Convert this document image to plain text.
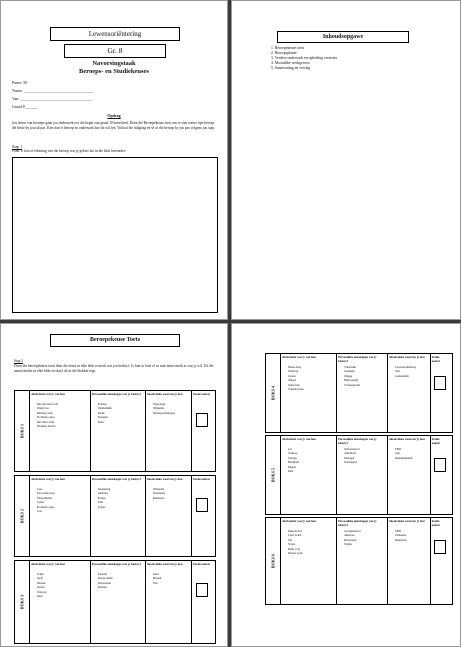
Lewensoriëntering
Gr. 8
Navorsingstaak
Beroeps- en Studiekeuses
Punte: 50
Naam: ___________________________________
Van: ____________________________________
Graad 8 ______
Opdrag
Jou leerse van beroepe gaan jou ondersoek oor die begin van graad 10 beïnvloed. Doen die Beroepekeuse toets om te sien watter tipe beroep die beste by jou sal pas. Kies dan 'n beroep en ondersoek hoe dit wil lyk. Voltooi die inligting en sê of die beroep by jou pas volgens jou stap.
Stap 1
Plaas 'n foto of tekening van die beroep wat jy gekies het in die blok hieronder.
Inhoudsopgawe
1. Beroepekeuse toets
2. Beroepsplaner
3. Verdere ondersoek en opleiding vereistes
4. Moontlike werkgewers
5. Samevatting en verslag
Beroepekeuse Toets
Stap 2
Doen die beroepskeuse toets deur die items in elke blok te merk wat jou beskryf. Jy kan so baie of so min items merk as wat jy wil. Tel die aantal merke in elke blok en skryf dit in die blokkie regs.
BOKS 1
Aktiwiteite wat jy van hou
• Met die hand werk
• Dinge bou
• Buitelug werk
• Probleme oplos
• Met diere werk
• Masjiene herstel
Persoonlike eienskappe wat jy beskryf
• Prakties
• Onafhanklik
• Eerlik
• Energiek
• Sterk
Skoolvakke waarvan jy hou
• Tegnologie
• Wiskunde
• Natuurwetenskappe
Totale aantal
BOKS 2
Aktiwiteite wat jy van hou
• Lees
• Navorsing doen
• Eksperimente
• Syfers
• Probleme oplos
• Leer
Persoonlike eienskappe wat jy beskryf
• Nuuskierig
• Analities
• Presies
• Slim
• Logies
Skoolvakke waarvan jy hou
• Wiskunde
• Wetenskap
• Rekenaars
Totale aantal
BOKS 3
Aktiwiteite wat jy van hou
• Teken
• Skryf
• Musiek
• Drama
• Ontwerp
• Dans
Persoonlike eienskappe wat jy beskryf
• Kreatief
• Oorspronklik
• Emosioneel
• Intuïtief
Skoolvakke waarvan jy hou
• Kuns
• Musiek
• Tale
Totale aantal
BOKS 4
Aktiwiteite wat jy van hou
• Mense help
• Onderrig
• Luister
• Omgee
• Samewerk
• Vriende maak
Persoonlike eienskappe wat jy beskryf
• Vriendelik
• Geduldig
• Omgee
• Hulpvaardig
• Verdraagsaam
Skoolvakke waarvan jy hou
• Lewensoriëntering
• Tale
• Geskiedenis
Totale aantal
BOKS 5
Aktiwiteite wat jy van hou
• Lei
• Verkoop
• Oortuig
• Besigheid
• Beplan
• Reël
Persoonlike eienskappe wat jy beskryf
• Selfversekerd
• Ambisieus
• Energiek
• Oortuigend
Skoolvakke waarvan jy hou
• EBW
• Tale
• Rekeningkunde
Totale aantal
BOKS 6
Aktiwiteite wat jy van hou
• Rekords hou
• Lêers orden
• Tik
• Syfers
• Reëls volg
• Netjies werk
Persoonlike eienskappe wat jy beskryf
• Georganiseerd
• Akkuraat
• Betroubaar
• Netjies
Skoolvakke waarvan jy hou
• EBW
• Wiskunde
• Rekenaars
Totale aantal
